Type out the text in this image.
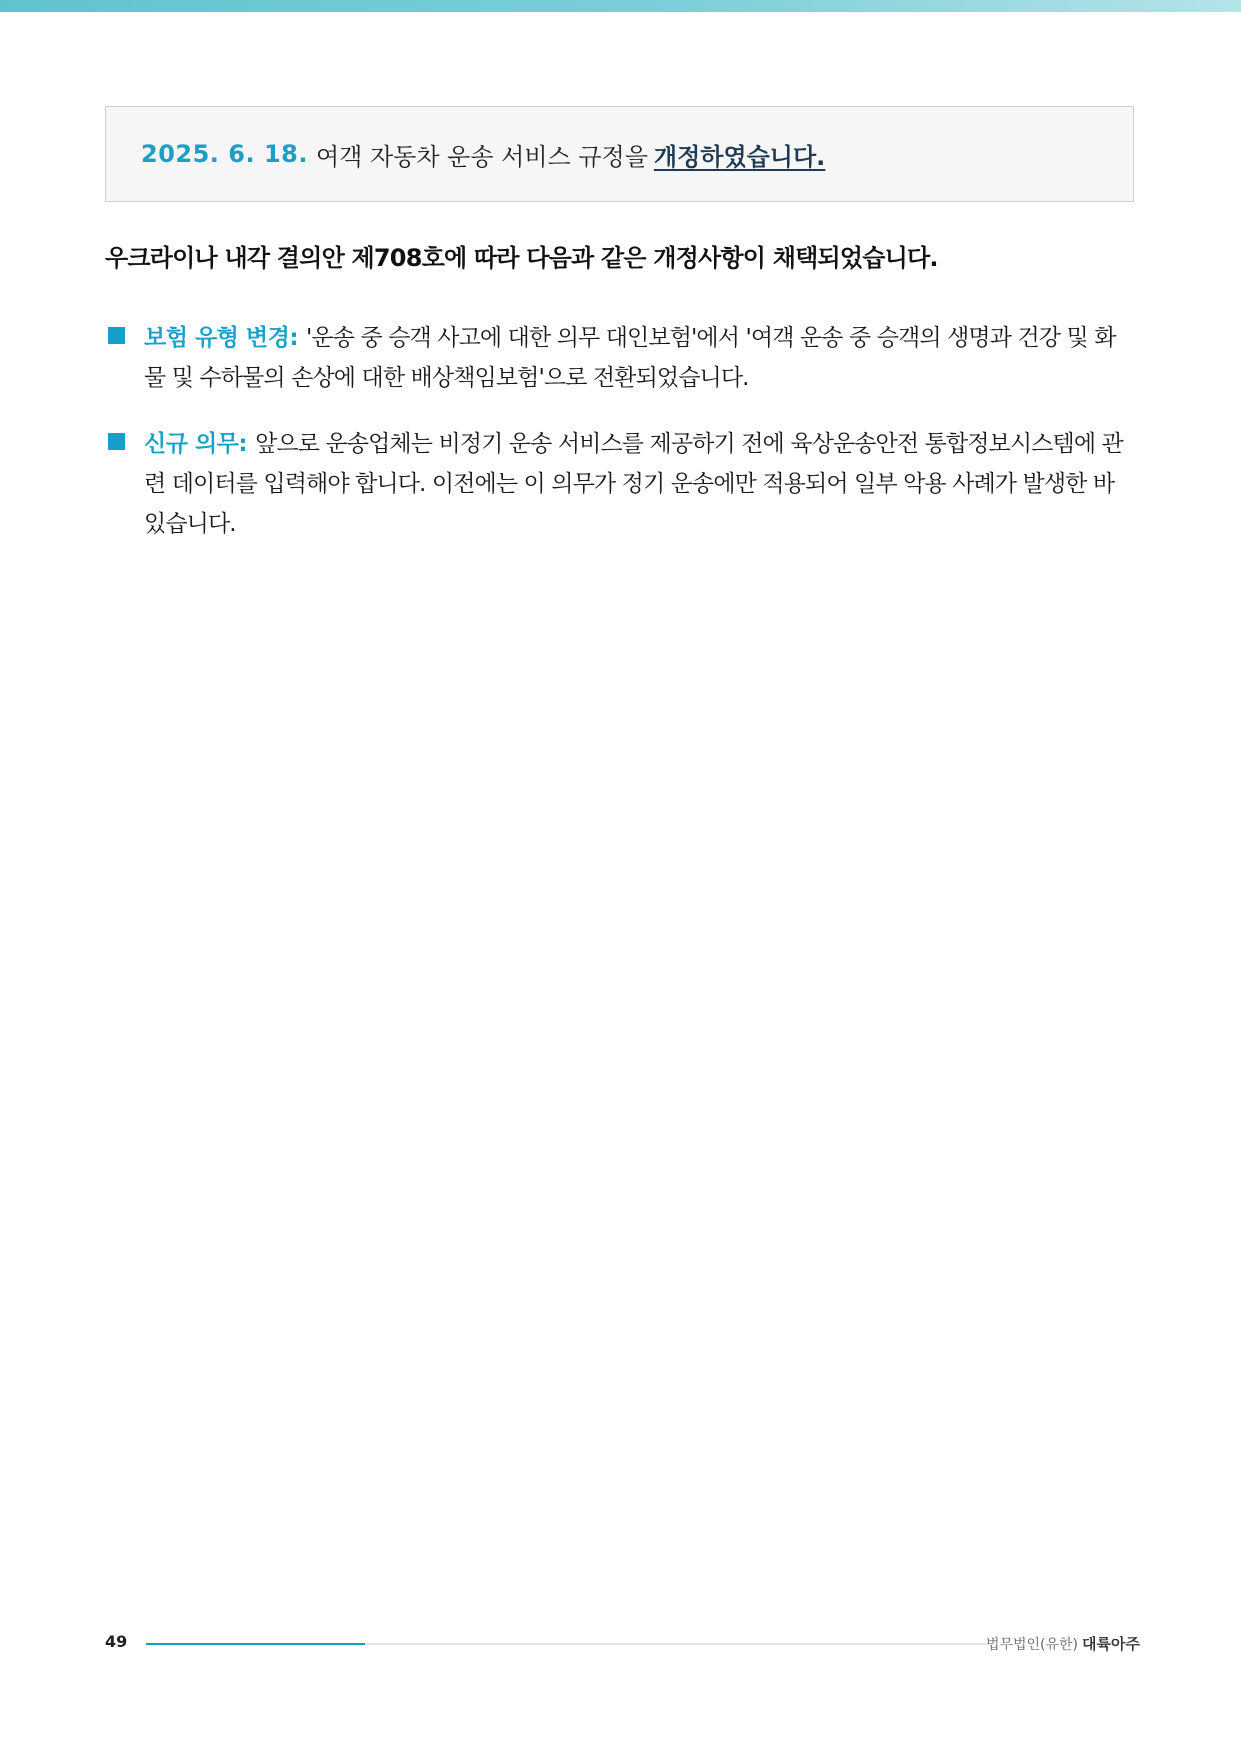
2025. 6. 18. 여객 자동차 운송 서비스 규정을 개정하였습니다.
우크라이나 내각 결의안 제708호에 따라 다음과 같은 개정사항이 채택되었습니다.
보험 유형 변경: '운송 중 승객 사고에 대한 의무 대인보험'에서 '여객 운송 중 승객의 생명과 건강 및 화물 및 수하물의 손상에 대한 배상책임보험'으로 전환되었습니다.
신규 의무: 앞으로 운송업체는 비정기 운송 서비스를 제공하기 전에 육상운송안전 통합정보시스템에 관련 데이터를 입력해야 합니다. 이전에는 이 의무가 정기 운송에만 적용되어 일부 악용 사례가 발생한 바 있습니다.
49	법무법인(유한) 대륙아주
